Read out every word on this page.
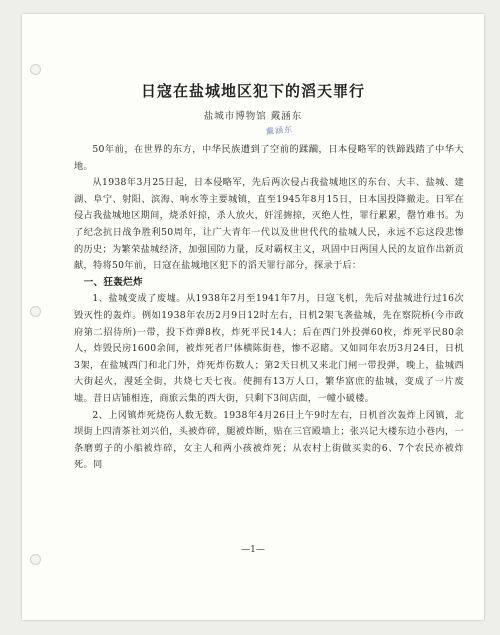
日寇在盐城地区犯下的滔天罪行
盐城市博物馆 戴涵东
戴涵东

50年前，在世界的东方，中华民族遭到了空前的蹂躏，日本侵略军的铁蹄践踏了中华大地。

从1938年3月25日起，日本侵略军，先后两次侵占我盐城地区的东台、大丰、盐城、建湖、阜宁、射阳、滨海、响水等主要城镇，直至1945年8月15日，日本国投降撤走。日军在侵占我盐城地区期间，烧杀奸掠，杀人放火，奸淫掳掠，灭绝人性，罪行累累，罄竹难书。为了纪念抗日战争胜利50周年，让广大青年一代以及世世代代的盐城人民，永远不忘这段悲惨的历史；为繁荣盐城经济，加强国防力量，反对霸权主义，巩固中日两国人民的友谊作出新贡献，特将50年前，日寇在盐城地区犯下的滔天罪行部分，探录于后：

一、狂轰烂炸

1、盐城变成了废墟。从1938年2月至1941年7月，日寇飞机，先后对盐城进行过16次毁灭性的轰炸。例如1938年农历2月9日12时左右，日机2架飞袭盐城，先在察院桥(今市政府第二招待所)一带，投下炸弹8枚，炸死平民14人；后在西门外投弹60枚，炸死平民80余人，炸毁民房1600余间，被炸死者尸体横陈街巷，惨不忍睹。又如同年农历3月24日，日机3架，在盐城西门和北门外，炸死炸伤数人；第2天日机又来北门闸一带投弹，晚上，盐城西大街起火，漫延全街，共烧七天七夜。使拥有13万人口，繁华富庶的盐城，变成了一片废墟。昔日店铺相连，商旅云集的西大街，只剩下3间店面，一幢小破楼。

2、上冈镇炸死烧伤人数无数。1938年4月26日上午9时左右，日机首次轰炸上冈镇，北坝街上四清茶社刘兴伯，头被炸碎，腿被炸断，贴在三官殿墙上；张兴记大楼东边小巷内，一条磨剪子的小船被炸碎，女主人和两小孩被炸死；从农村上街做买卖的6、7个农民亦被炸死。同

—1—
